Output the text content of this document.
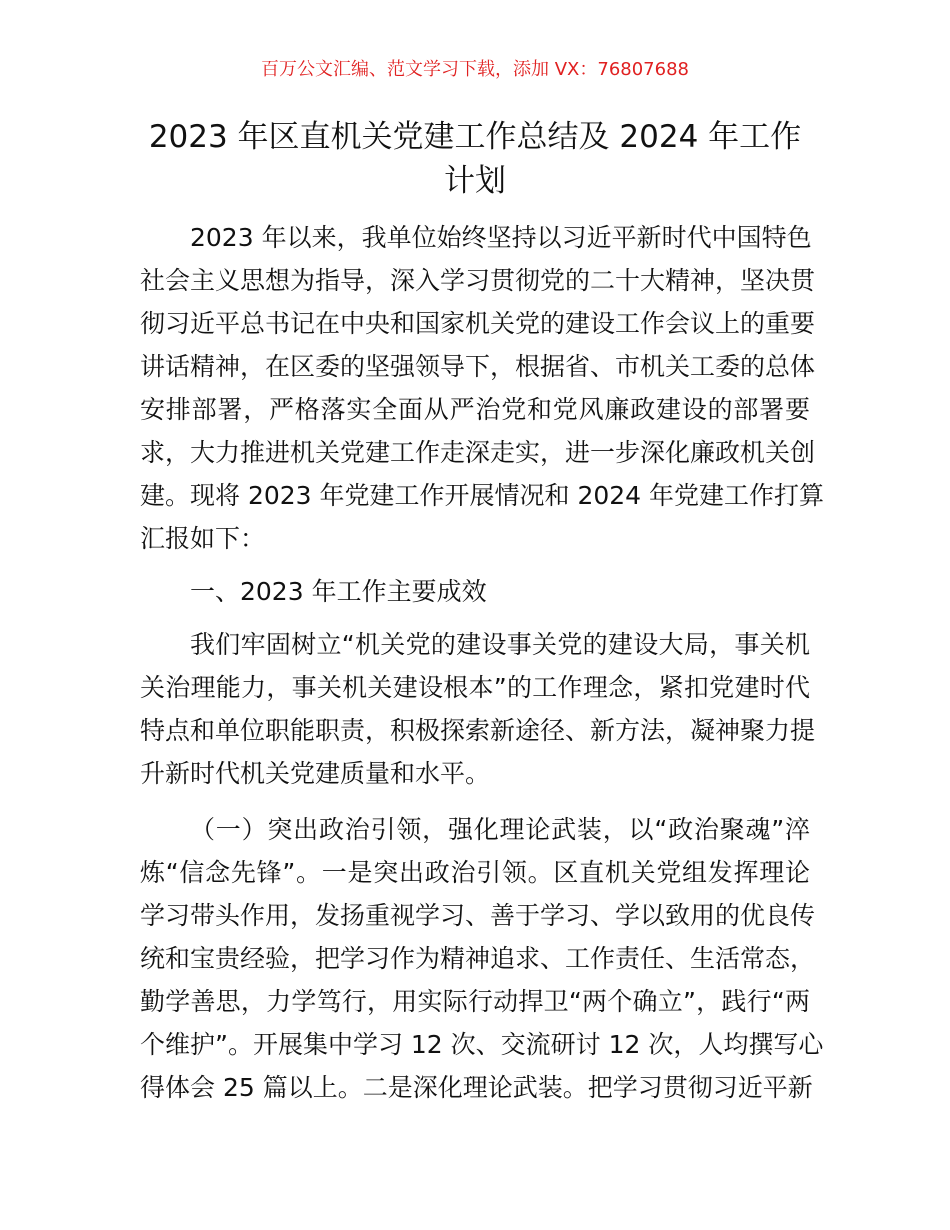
百万公文汇编、范文学习下载，添加 VX：76807688
2023 年区直机关党建工作总结及 2024 年工作
计划
2023 年以来，我单位始终坚持以习近平新时代中国特色
社会主义思想为指导，深入学习贯彻党的二十大精神，坚决贯
彻习近平总书记在中央和国家机关党的建设工作会议上的重要
讲话精神，在区委的坚强领导下，根据省、市机关工委的总体
安排部署，严格落实全面从严治党和党风廉政建设的部署要
求，大力推进机关党建工作走深走实，进一步深化廉政机关创
建。现将 2023 年党建工作开展情况和 2024 年党建工作打算
汇报如下：
一、2023 年工作主要成效
我们牢固树立“机关党的建设事关党的建设大局，事关机
关治理能力，事关机关建设根本”的工作理念，紧扣党建时代
特点和单位职能职责，积极探索新途径、新方法，凝神聚力提
升新时代机关党建质量和水平。
（一）突出政治引领，强化理论武装，以“政治聚魂”淬
炼“信念先锋”。一是突出政治引领。区直机关党组发挥理论
学习带头作用，发扬重视学习、善于学习、学以致用的优良传
统和宝贵经验，把学习作为精神追求、工作责任、生活常态，
勤学善思，力学笃行，用实际行动捍卫“两个确立”，践行“两
个维护”。开展集中学习 12 次、交流研讨 12 次，人均撰写心
得体会 25 篇以上。二是深化理论武装。把学习贯彻习近平新
